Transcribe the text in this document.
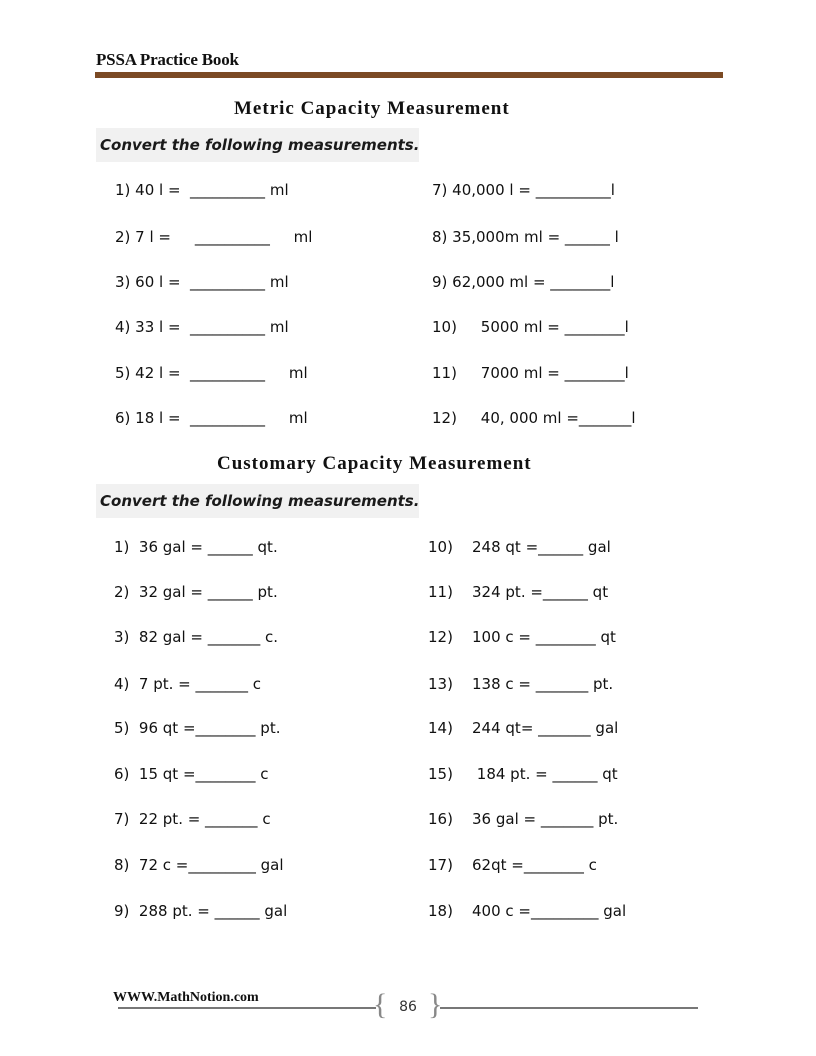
PSSA Practice Book
Metric Capacity Measurement
Convert the following measurements.
1) 40 l =  __________ ml
2) 7 l =     __________     ml
3) 60 l =  __________ ml
4) 33 l =  __________ ml
5) 42 l =  __________     ml
6) 18 l =  __________     ml
7) 40,000 l = __________l
8) 35,000m ml = ______ l
9) 62,000 ml = ________l
10)     5000 ml = ________l
11)     7000 ml = ________l
12)     40, 000 ml =_______l
Customary Capacity Measurement
Convert the following measurements.
1)  36 gal = ______ qt.
2)  32 gal = ______ pt.
3)  82 gal = _______ c.
4)  7 pt. = _______ c
5)  96 qt =________ pt.
6)  15 qt =________ c
7)  22 pt. = _______ c
8)  72 c =_________ gal
9)  288 pt. = ______ gal
10)    248 qt =______ gal
11)    324 pt. =______ qt
12)    100 c = ________ qt
13)    138 c = _______ pt.
14)    244 qt= _______ gal
15)     184 pt. = ______ qt
16)    36 gal = _______ pt.
17)    62qt =________ c
18)    400 c =_________ gal
WWW.MathNotion.com	{ }
86
